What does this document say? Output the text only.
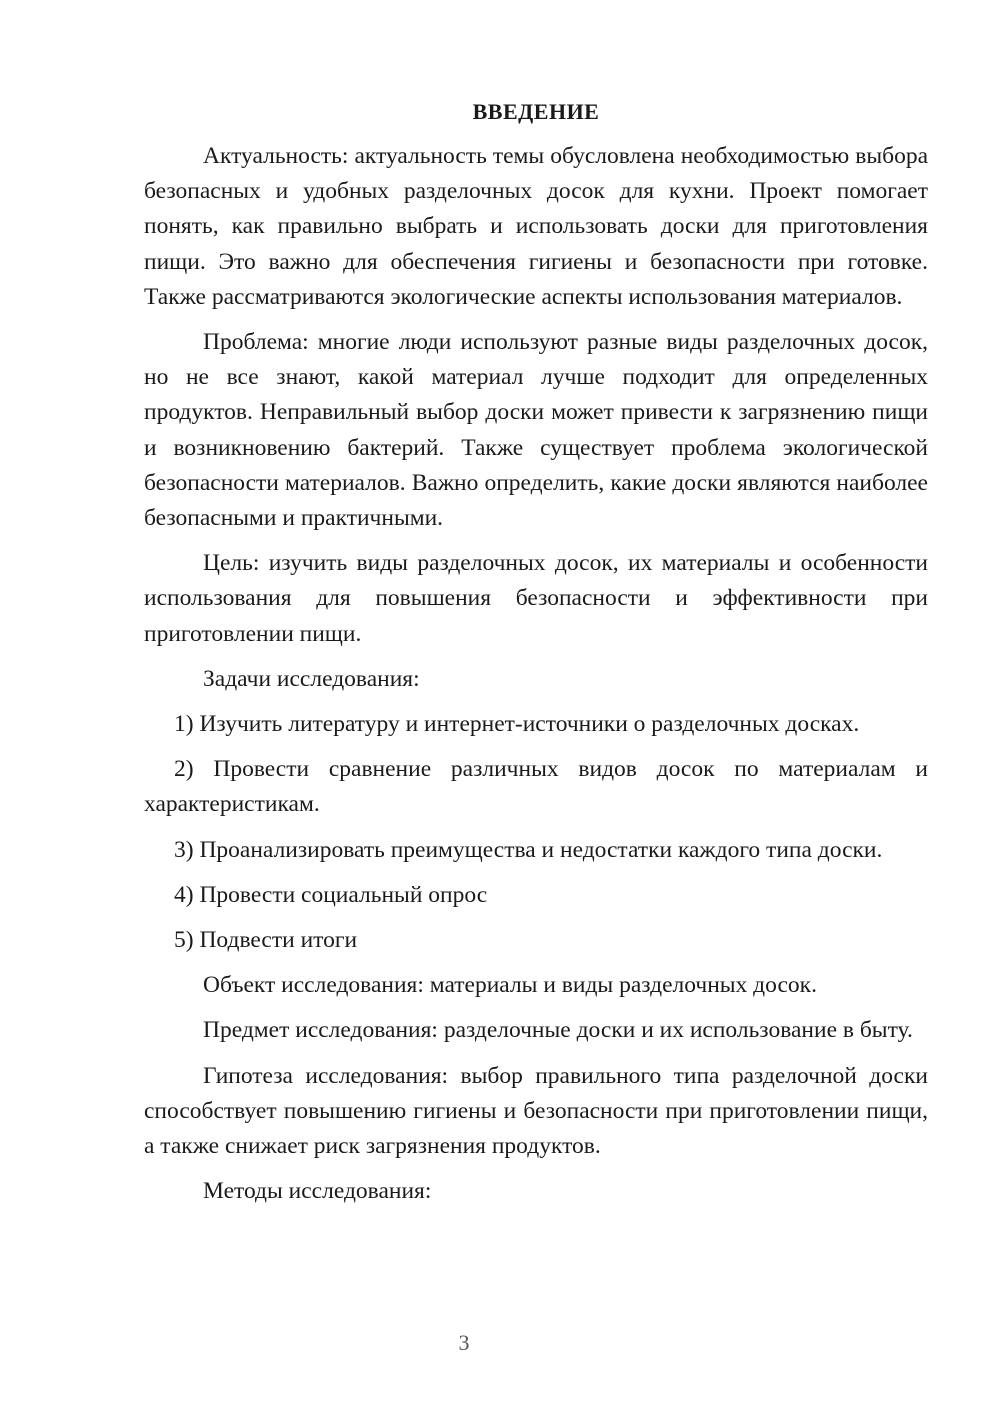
ВВЕДЕНИЕ

Актуальность: актуальность темы обусловлена необходимостью выбора безопасных и удобных разделочных досок для кухни. Проект помогает понять, как правильно выбрать и использовать доски для приготовления пищи. Это важно для обеспечения гигиены и безопасности при готовке. Также рассматриваются экологические аспекты использования материалов.

Проблема: многие люди используют разные виды разделочных досок, но не все знают, какой материал лучше подходит для определенных продуктов. Неправильный выбор доски может привести к загрязнению пищи и возникновению бактерий. Также существует проблема экологической безопасности материалов. Важно определить, какие доски являются наиболее безопасными и практичными.

Цель: изучить виды разделочных досок, их материалы и особенности использования для повышения безопасности и эффективности при приготовлении пищи.

Задачи исследования:

1) Изучить литературу и интернет-источники о разделочных досках.

2) Провести сравнение различных видов досок по материалам и характеристикам.

3) Проанализировать преимущества и недостатки каждого типа доски.

4) Провести социальный опрос

5) Подвести итоги

Объект исследования: материалы и виды разделочных досок.

Предмет исследования: разделочные доски и их использование в быту.

Гипотеза исследования: выбор правильного типа разделочной доски способствует повышению гигиены и безопасности при приготовлении пищи, а также снижает риск загрязнения продуктов.

Методы исследования:

3
